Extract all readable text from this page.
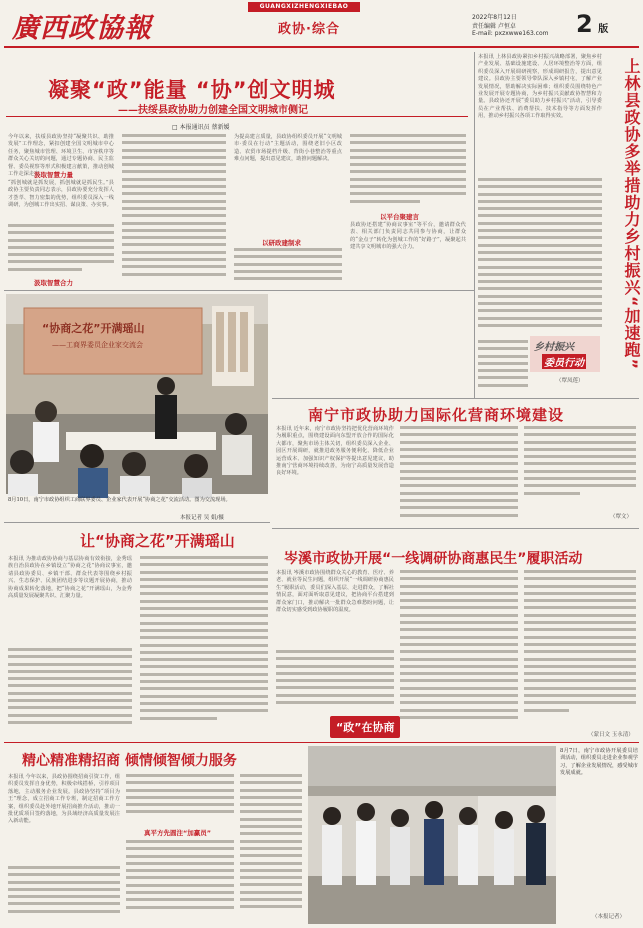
廣西政協報
GUANGXIZHENGXIEBAO
政协·综合
2022年8月12日
责任编辑 卢恒卓
E-mail: pxzxwwe163.com 2 版
凝聚“政”能量 “协”创文明城
——扶绥县政协助力创建全国文明城市侧记
□ 本报通讯员 蔡新媛
今年以来，扶绥县政协坚持“凝聚共识、助推发展”工作理念，紧扣创建全国文明城市中心任务，聚焦城市管理、环境卫生、市容秩序等群众关心关切的问题，通过专题协商、民主监督、委员视察等形式积极建言献策，推动创城工作走深走实。
汲取智慧力量
“抓创城就是抓发展，抓创城就是抓民生。”县政协主要负责同志表示，县政协要充分发挥人才荟萃、智力密集的优势，组织委员深入一线调研，为创城工作出实招、谋良策、办实事。
汲取智慧合力
为提高建言质量，县政协组织委员开展“文明城市·委员在行动”主题活动，围绕老旧小区改造、农贸市场提档升级、背街小巷整治等重点难点问题，提出意见建议，助推问题解决。
以研政建制求
以平台聚建言
县政协还搭建“协商议事室”等平台，邀请群众代表、相关部门负责同志共同参与协商，让群众的“金点子”转化为创城工作的“好路子”，凝聚起共建共享文明城市的强大合力。
本报讯 上林县政协紧扣乡村振兴战略部署，聚焦乡村产业发展、基础设施建设、人居环境整治等方面，组织委员深入开展调研视察，形成调研报告，提出意见建议。县政协主要领导带队深入乡镇村屯，了解产业发展情况，帮助解决实际困难；组织委员围绕特色产业发展开展专题协商，为乡村振兴贡献政协智慧和力量。县政协还开展“委员助力乡村振兴”活动，引导委员在产业帮扶、消费帮扶、技术指导等方面发挥作用，推动乡村振兴各项工作取得实效。
乡村振兴
委员行动
（覃凤莲）
上林县政协多举措助力乡村振兴“加速跑”
“协商之花”开满瑶山
——工商界委员企业家交流会
8月10日，南宁市政协组织工商联界委员、企业家代表开展“协商之花”交流活动。图为交流现场。
本报记者 吴 娟/摄
南宁市政协助力国际化营商环境建设
本报讯 近年来，南宁市政协坚持把优化营商环境作为履职重点，围绕建设面向东盟开放合作的国际化大都市，聚焦市场主体关切，组织委员深入企业、园区开展调研，就推进政务服务便利化、降低企业运营成本、加强知识产权保护等提出意见建议，助推南宁营商环境持续改善，为南宁高质量发展营造良好环境。
（覃文）
岑溪市政协开展“一线调研协商惠民生”履职活动
本报讯 岑溪市政协围绕群众关心的教育、医疗、养老、就业等民生问题，组织开展“一线调研协商惠民生”履职活动，委员们深入基层、走进群众，了解社情民意，面对面听取意见建议，把协商平台搭建到群众家门口，推动解决一批群众急难愁盼问题，让群众切实感受到政协履职的温度。
“政”在协商
（蒙日文 玉永清）
让“协商之花”开满瑶山
本报讯 为推动政协协商与基层协商有效衔接，金秀瑶族自治县政协在乡镇设立“协商之花”协商议事室，邀请县政协委员、乡镇干部、群众代表等围绕乡村振兴、生态保护、民族团结进步等议题开展协商，推动协商成果转化落地，把“协商之花”开满瑶山，为金秀高质量发展凝聚共识、汇聚力量。
精心精准精招商 倾情倾智倾力服务
本报讯 今年以来，县政协围绕招商引资工作，组织委员发挥自身优势，积极牵线搭桥，引荐项目落地，主动服务企业发展。县政协坚持“项目为王”理念，成立招商工作专班，制定招商工作方案，组织委员赴外地开展招商推介活动，推动一批优质项目签约落地，为县域经济高质量发展注入新动能。
真平方先圆注“加赢员”
8月7日，南宁市政协开展委员培训活动，组织委员走进企业参观学习，了解企业发展情况，感受城市发展成就。
（本报记者）
